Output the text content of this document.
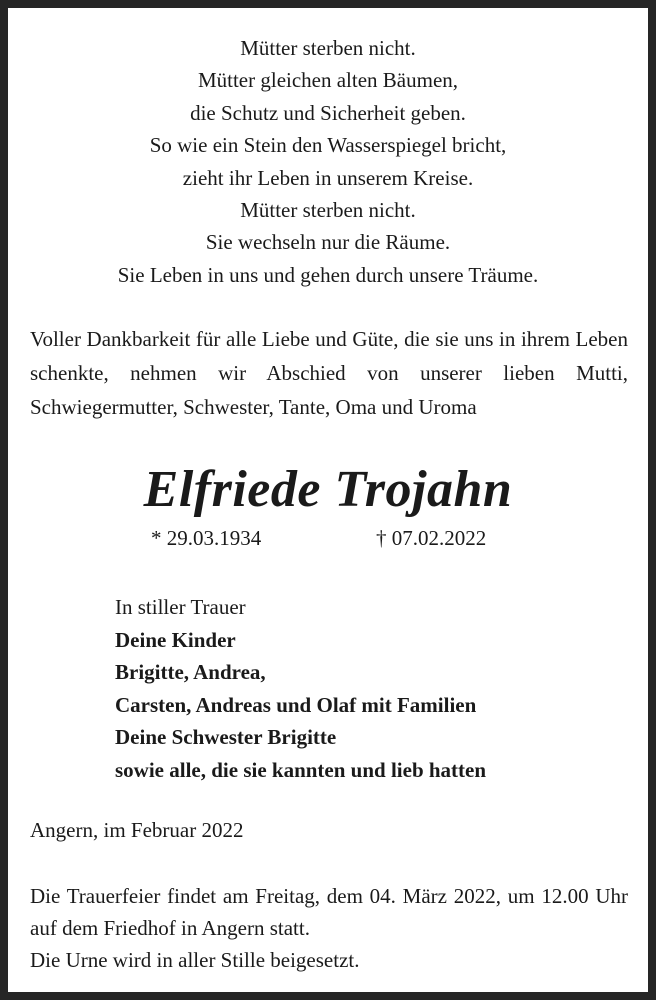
Mütter sterben nicht.
Mütter gleichen alten Bäumen,
die Schutz und Sicherheit geben.
So wie ein Stein den Wasserspiegel bricht,
zieht ihr Leben in unserem Kreise.
Mütter sterben nicht.
Sie wechseln nur die Räume.
Sie Leben in uns und gehen durch unsere Träume.
Voller Dankbarkeit für alle Liebe und Güte, die sie uns in ihrem Leben schenkte, nehmen wir Abschied von unserer lieben Mutti, Schwiegermutter, Schwester, Tante, Oma und Uroma
Elfriede Trojahn
* 29.03.1934	† 07.02.2022
In stiller Trauer
Deine Kinder
Brigitte, Andrea,
Carsten, Andreas und Olaf mit Familien
Deine Schwester Brigitte
sowie alle, die sie kannten und lieb hatten
Angern, im Februar 2022
Die Trauerfeier findet am Freitag, dem 04. März 2022, um 12.00 Uhr auf dem Friedhof in Angern statt.
Die Urne wird in aller Stille beigesetzt.
